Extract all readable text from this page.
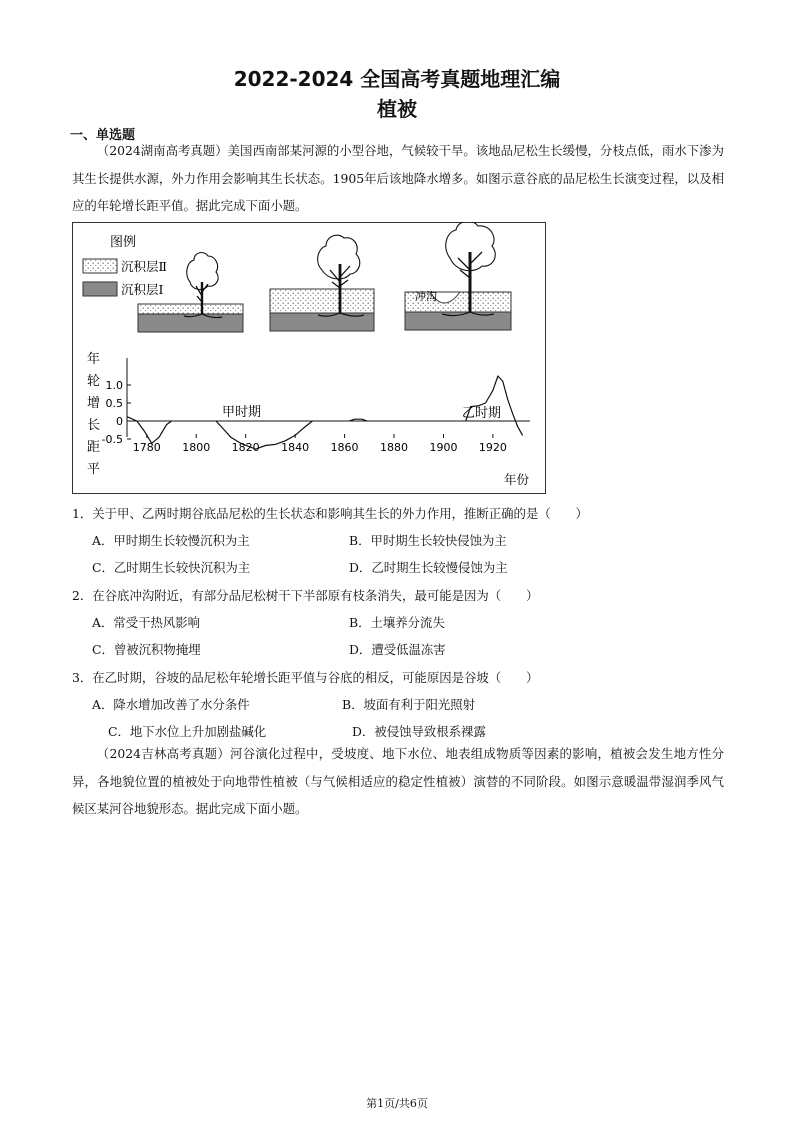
2022-2024 全国高考真题地理汇编
植被
一、单选题

（2024湖南高考真题）美国西南部某河源的小型谷地，气候较干旱。该地品尼松生长缓慢，分枝点低，雨水下渗为其生长提供水源，外力作用会影响其生长状态。1905年后该地降水增多。如图示意谷底的品尼松生长演变过程，以及相应的年轮增长距平值。据此完成下面小题。

图例
沉积层Ⅱ
沉积层Ⅰ	冲沟
年
轮
增
长
距
平
1.0
0.5
0
-0.5
1780 1800 1820 1840 1860 1880 1900 1920
甲时期	乙时期
年份
1．关于甲、乙两时期谷底品尼松的生长状态和影响其生长的外力作用，推断正确的是（　　）
A．甲时期生长较慢沉积为主	B．甲时期生长较快侵蚀为主
C．乙时期生长较快沉积为主	D．乙时期生长较慢侵蚀为主
2．在谷底冲沟附近，有部分品尼松树干下半部原有枝条消失，最可能是因为（　　）
A．常受干热风影响	B．土壤养分流失
C．曾被沉积物掩埋	D．遭受低温冻害
3．在乙时期，谷坡的品尼松年轮增长距平值与谷底的相反，可能原因是谷坡（　　）
A．降水增加改善了水分条件	B．坡面有利于阳光照射
C．地下水位上升加剧盐碱化	D．被侵蚀导致根系裸露

（2024吉林高考真题）河谷演化过程中，受坡度、地下水位、地表组成物质等因素的影响，植被会发生地方性分异，各地貌位置的植被处于向地带性植被（与气候相适应的稳定性植被）演替的不同阶段。如图示意暖温带湿润季风气候区某河谷地貌形态。据此完成下面小题。

第1页/共6页
